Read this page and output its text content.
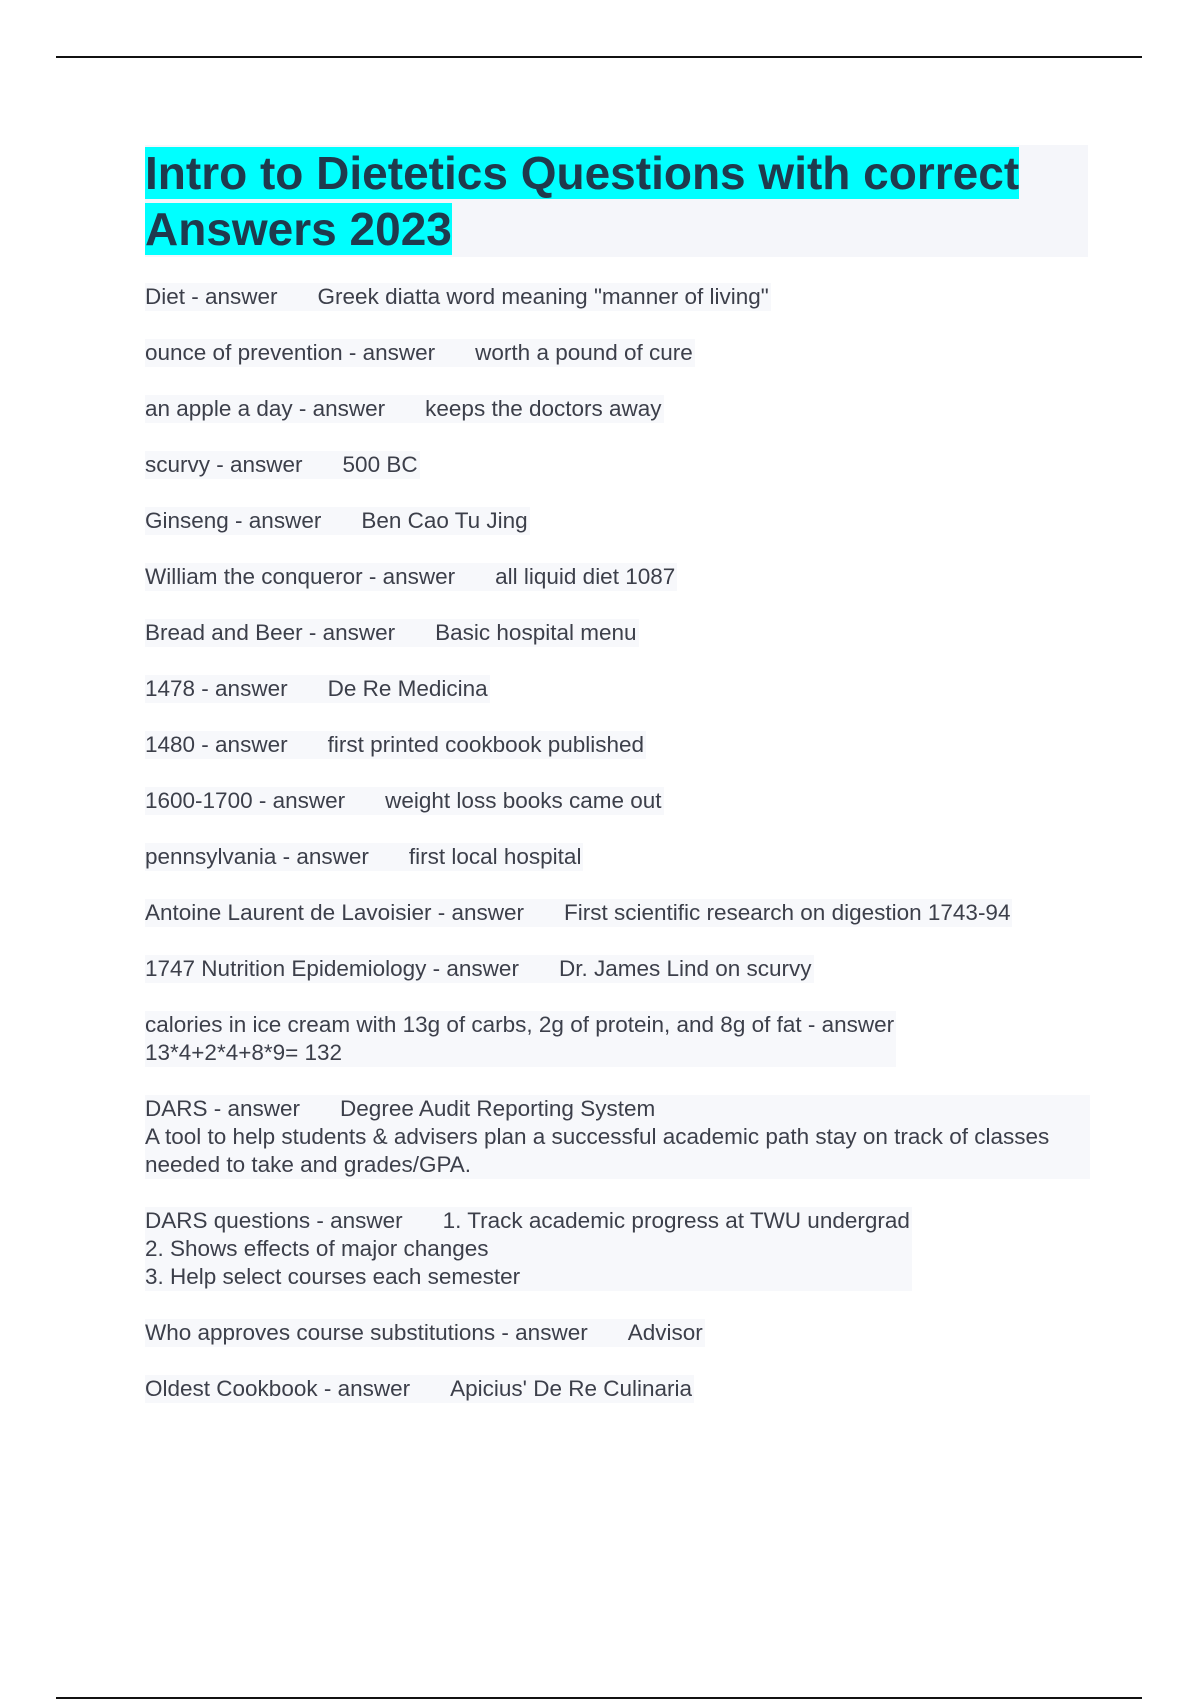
Intro to Dietetics Questions with correct Answers 2023
Diet - answer Greek diatta word meaning "manner of living"
ounce of prevention - answer worth a pound of cure
an apple a day - answer keeps the doctors away
scurvy - answer 500 BC
Ginseng - answer Ben Cao Tu Jing
William the conqueror - answer all liquid diet 1087
Bread and Beer - answer Basic hospital menu
1478 - answer De Re Medicina
1480 - answer first printed cookbook published
1600-1700 - answer weight loss books came out
pennsylvania - answer first local hospital
Antoine Laurent de Lavoisier - answer First scientific research on digestion 1743-94
1747 Nutrition Epidemiology - answer Dr. James Lind on scurvy
calories in ice cream with 13g of carbs, 2g of protein, and 8g of fat - answer
13*4+2*4+8*9= 132
DARS - answer Degree Audit Reporting System
A tool to help students & advisers plan a successful academic path stay on track of classes needed to take and grades/GPA.
DARS questions - answer 1. Track academic progress at TWU undergrad
2. Shows effects of major changes
3. Help select courses each semester
Who approves course substitutions - answer Advisor
Oldest Cookbook - answer Apicius' De Re Culinaria
